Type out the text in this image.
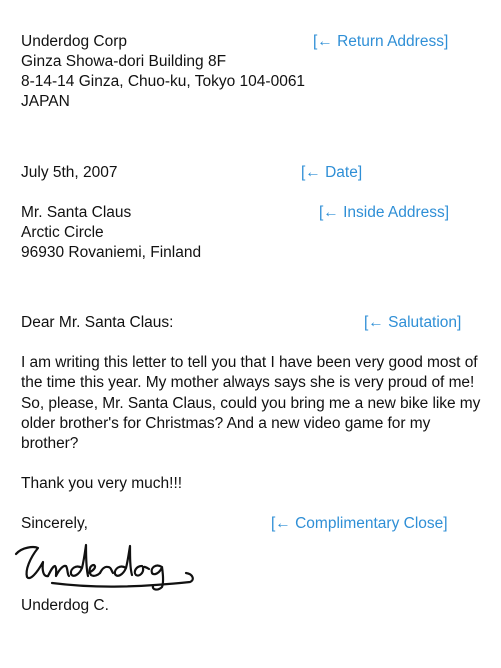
Underdog Corp
Ginza Showa-dori Building 8F
8-14-14 Ginza, Chuo-ku, Tokyo 104-0061
JAPAN
[← Return Address]
July 5th, 2007	[← Date]
Mr. Santa Claus
Arctic Circle
96930 Rovaniemi, Finland
[← Inside Address]
Dear Mr. Santa Claus:	[← Salutation]
I am writing this letter to tell you that I have been very good most of the time this year. My mother always says she is very proud of me! So, please, Mr. Santa Claus, could you bring me a new bike like my older brother's for Christmas? And a new video game for my brother?
Thank you very much!!!
Sincerely,	[← Complimentary Close]
Underdog C.
